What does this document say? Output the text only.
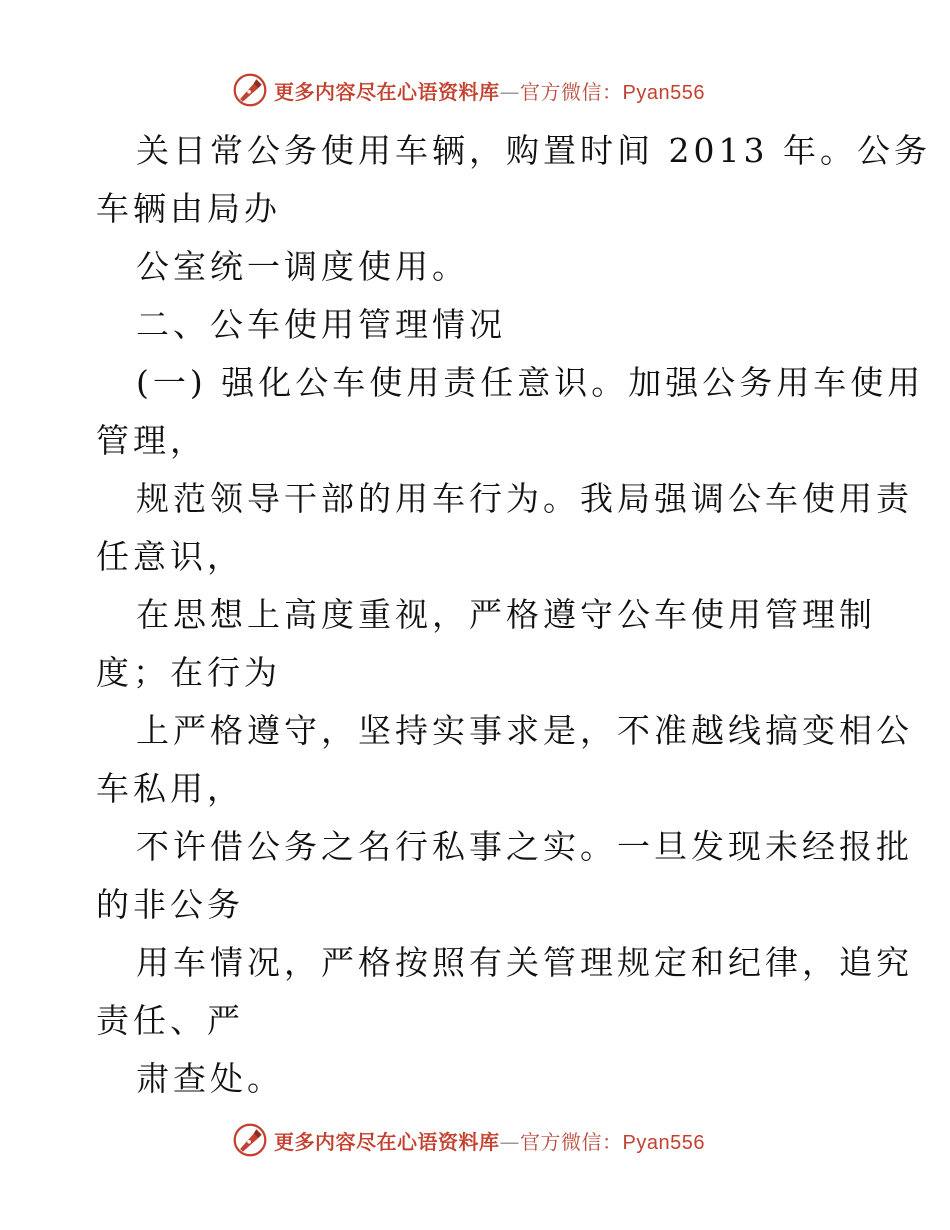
更多内容尽在心语资料库—官方微信：Pyan556
关日常公务使用车辆，购置时间 2013 年。公务
车辆由局办
公室统一调度使用。
二、公车使用管理情况
(一) 强化公车使用责任意识。加强公务用车使用
管理，
规范领导干部的用车行为。我局强调公车使用责
任意识，
在思想上高度重视，严格遵守公车使用管理制
度；在行为
上严格遵守，坚持实事求是，不准越线搞变相公
车私用，
不许借公务之名行私事之实。一旦发现未经报批
的非公务
用车情况，严格按照有关管理规定和纪律，追究
责任、严
肃查处。
更多内容尽在心语资料库—官方微信：Pyan556
